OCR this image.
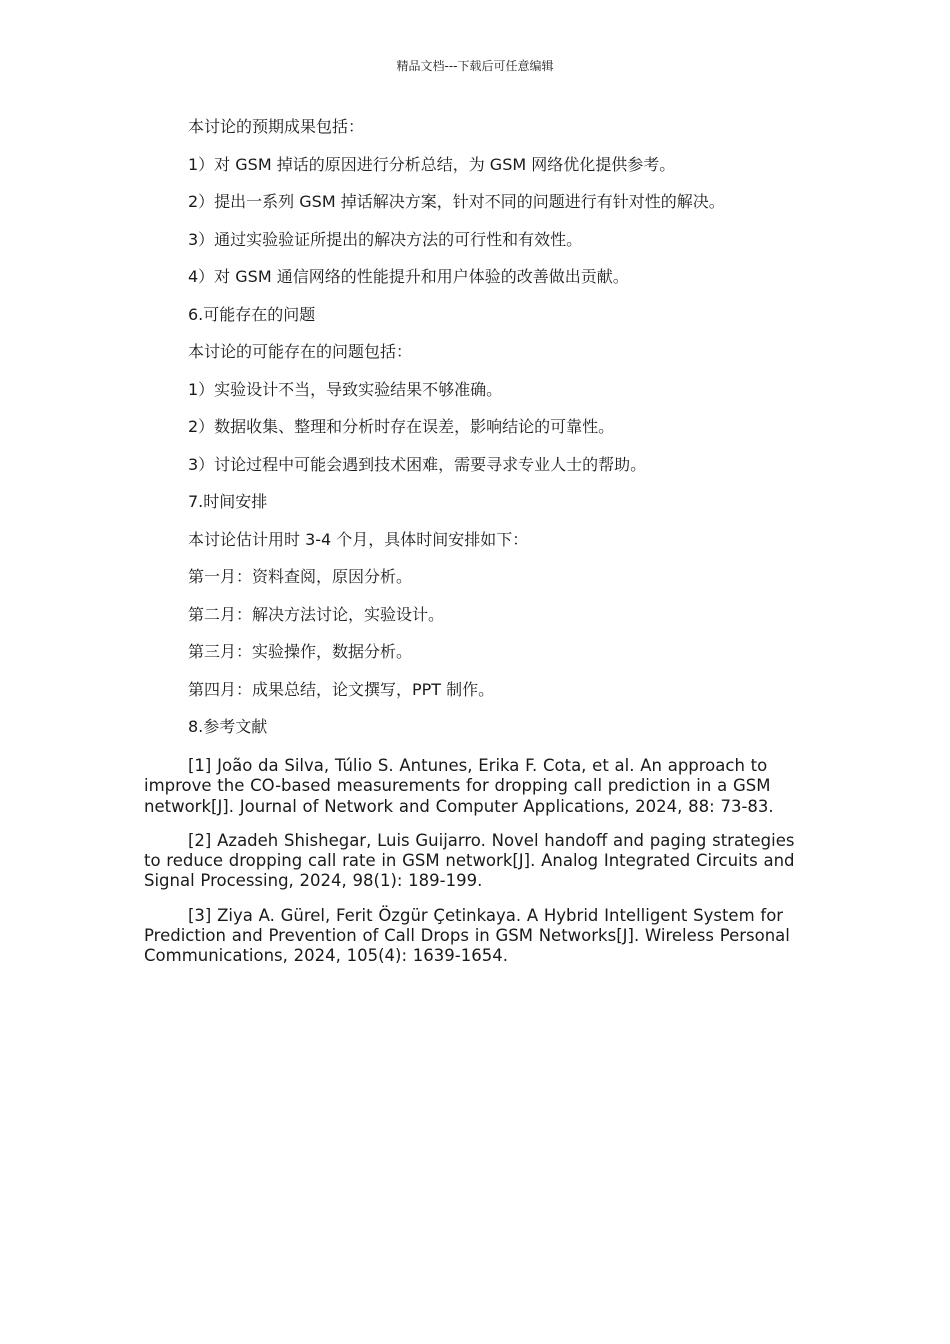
精品文档---下载后可任意编辑

本讨论的预期成果包括：

1）对 GSM 掉话的原因进行分析总结，为 GSM 网络优化提供参考。

2）提出一系列 GSM 掉话解决方案，针对不同的问题进行有针对性的解决。

3）通过实验验证所提出的解决方法的可行性和有效性。

4）对 GSM 通信网络的性能提升和用户体验的改善做出贡献。

6.可能存在的问题

本讨论的可能存在的问题包括：

1）实验设计不当，导致实验结果不够准确。

2）数据收集、整理和分析时存在误差，影响结论的可靠性。

3）讨论过程中可能会遇到技术困难，需要寻求专业人士的帮助。

7.时间安排

本讨论估计用时 3-4 个月，具体时间安排如下：

第一月：资料查阅，原因分析。

第二月：解决方法讨论，实验设计。

第三月：实验操作，数据分析。

第四月：成果总结，论文撰写，PPT 制作。

8.参考文献

[1] João da Silva, Túlio S. Antunes, Erika F. Cota, et al. An approach to improve the CO-based measurements for dropping call prediction in a GSM network[J]. Journal of Network and Computer Applications, 2024, 88: 73-83.

[2] Azadeh Shishegar, Luis Guijarro. Novel handoff and paging strategies to reduce dropping call rate in GSM network[J]. Analog Integrated Circuits and Signal Processing, 2024, 98(1): 189-199.

[3] Ziya A. Gürel, Ferit Özgür Çetinkaya. A Hybrid Intelligent System for Prediction and Prevention of Call Drops in GSM Networks[J]. Wireless Personal Communications, 2024, 105(4): 1639-1654.
